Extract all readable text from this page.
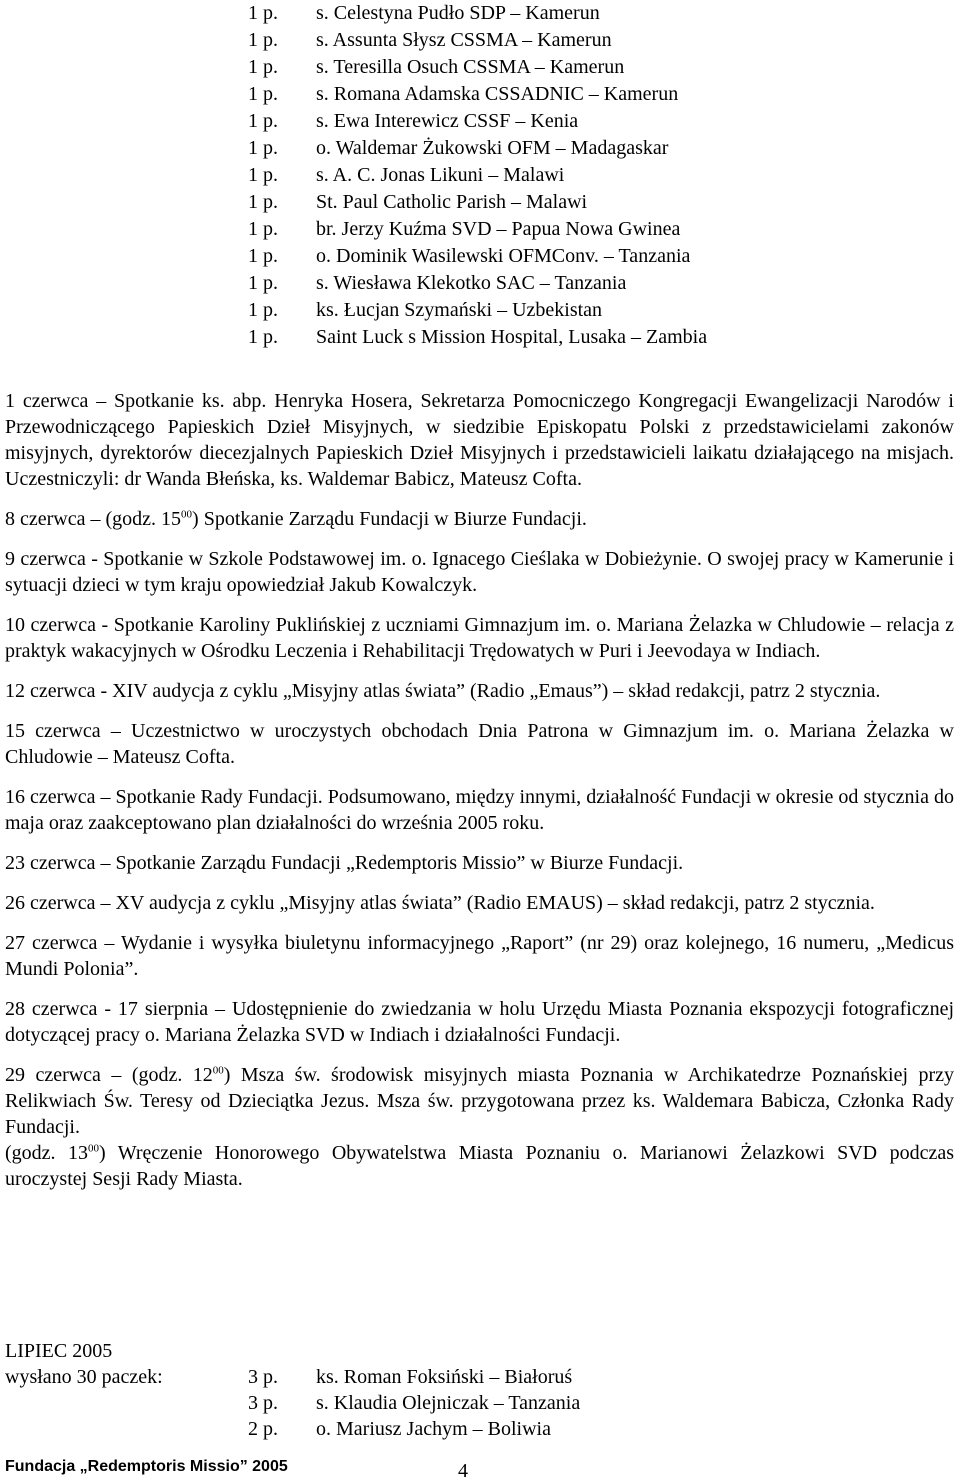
1 p. s. Celestyna Pudło SDP – Kamerun
1 p. s. Assunta Słysz CSSMA – Kamerun
1 p. s. Teresilla Osuch CSSMA – Kamerun
1 p. s. Romana Adamska CSSADNIC – Kamerun
1 p. s. Ewa Interewicz CSSF – Kenia
1 p. o. Waldemar Żukowski OFM – Madagaskar
1 p. s. A. C. Jonas Likuni – Malawi
1 p. St. Paul Catholic Parish – Malawi
1 p. br. Jerzy Kuźma SVD – Papua Nowa Gwinea
1 p. o. Dominik Wasilewski OFMConv. – Tanzania
1 p. s. Wiesława Klekotko SAC – Tanzania
1 p. ks. Łucjan Szymański – Uzbekistan
1 p. Saint Luck s Mission Hospital, Lusaka – Zambia

1 czerwca – Spotkanie ks. abp. Henryka Hosera, Sekretarza Pomocniczego Kongregacji Ewangelizacji Narodów i Przewodniczącego Papieskich Dzieł Misyjnych, w siedzibie Episkopatu Polski z przedstawicielami zakonów misyjnych, dyrektorów diecezjalnych Papieskich Dzieł Misyjnych i przedstawicieli laikatu działającego na misjach. Uczestniczyli: dr Wanda Błeńska, ks. Waldemar Babicz, Mateusz Cofta.

8 czerwca – (godz. $15^{00}$) Spotkanie Zarządu Fundacji w Biurze Fundacji.

9 czerwca - Spotkanie w Szkole Podstawowej im. o. Ignacego Cieślaka w Dobieżynie. O swojej pracy w Kamerunie i sytuacji dzieci w tym kraju opowiedział Jakub Kowalczyk.

10 czerwca - Spotkanie Karoliny Puklińskiej z uczniami Gimnazjum im. o. Mariana Żelazka w Chludowie – relacja z praktyk wakacyjnych w Ośrodku Leczenia i Rehabilitacji Trędowatych w Puri i Jeevodaya w Indiach.

12 czerwca - XIV audycja z cyklu „Misyjny atlas świata” (Radio „Emaus”) – skład redakcji, patrz 2 stycznia.

15 czerwca – Uczestnictwo w uroczystych obchodach Dnia Patrona w Gimnazjum im. o. Mariana Żelazka w Chludowie – Mateusz Cofta.

16 czerwca – Spotkanie Rady Fundacji. Podsumowano, między innymi, działalność Fundacji w okresie od stycznia do maja oraz zaakceptowano plan działalności do września 2005 roku.

23 czerwca – Spotkanie Zarządu Fundacji „Redemptoris Missio” w Biurze Fundacji.

26 czerwca – XV audycja z cyklu „Misyjny atlas świata” (Radio EMAUS) – skład redakcji, patrz 2 stycznia.

27 czerwca – Wydanie i wysyłka biuletynu informacyjnego „Raport” (nr 29) oraz kolejnego, 16 numeru, „Medicus Mundi Polonia”.

28 czerwca - 17 sierpnia – Udostępnienie do zwiedzania w holu Urzędu Miasta Poznania ekspozycji fotograficznej dotyczącej pracy o. Mariana Żelazka SVD w Indiach i działalności Fundacji.

29 czerwca – (godz. $12^{00}$) Msza św. środowisk misyjnych miasta Poznania w Archikatedrze Poznańskiej przy Relikwiach Św. Teresy od Dzieciątka Jezus. Msza św. przygotowana przez ks. Waldemara Babicza, Członka Rady Fundacji.

(godz. $13^{00}$) Wręczenie Honorowego Obywatelstwa Miasta Poznaniu o. Marianowi Żelazkowi SVD podczas uroczystej Sesji Rady Miasta.

LIPIEC 2005
wysłano 30 paczek:	3 p. ks. Roman Foksiński – Białoruś
3 p. s. Klaudia Olejniczak – Tanzania
2 p. o. Mariusz Jachym – Boliwia
Fundacja „Redemptoris Missio” 2005	4
